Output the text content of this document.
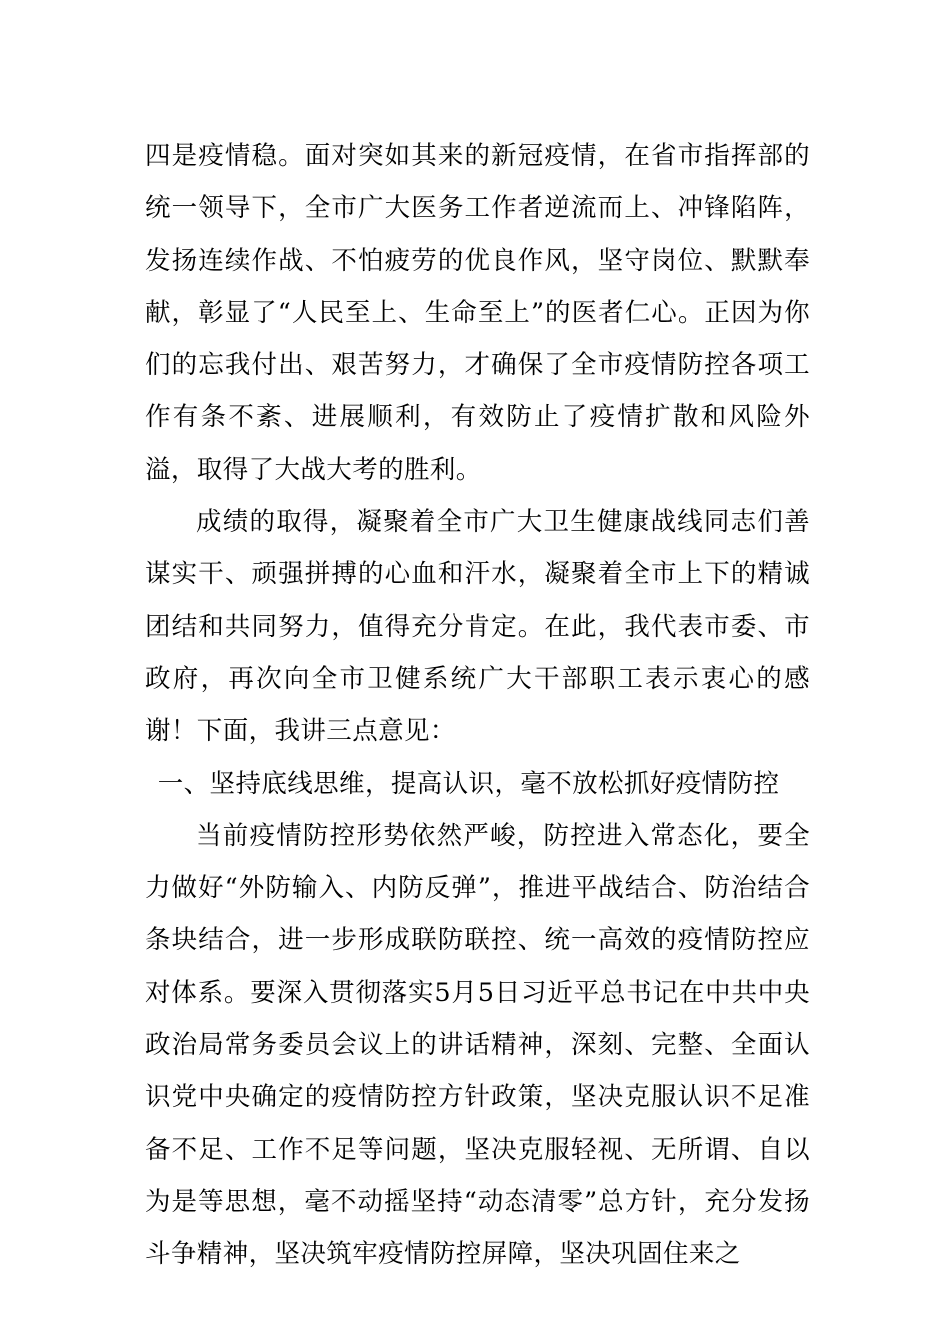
四是疫情稳。面对突如其来的新冠疫情，在省市指挥部的统一领导下，全市广大医务工作者逆流而上、冲锋陷阵，发扬连续作战、不怕疲劳的优良作风，坚守岗位、默默奉献，彰显了“人民至上、生命至上”的医者仁心。正因为你们的忘我付出、艰苦努力，才确保了全市疫情防控各项工作有条不紊、进展顺利，有效防止了疫情扩散和风险外溢，取得了大战大考的胜利。

成绩的取得，凝聚着全市广大卫生健康战线同志们善谋实干、顽强拼搏的心血和汗水，凝聚着全市上下的精诚团结和共同努力，值得充分肯定。在此，我代表市委、市政府，再次向全市卫健系统广大干部职工表示衷心的感谢！下面，我讲三点意见：

一、坚持底线思维，提高认识，毫不放松抓好疫情防控

当前疫情防控形势依然严峻，防控进入常态化，要全力做好“外防输入、内防反弹”，推进平战结合、防治结合条块结合，进一步形成联防联控、统一高效的疫情防控应对体系。要深入贯彻落实5月5日习近平总书记在中共中央政治局常务委员会议上的讲话精神，深刻、完整、全面认识党中央确定的疫情防控方针政策，坚决克服认识不足准备不足、工作不足等问题，坚决克服轻视、无所谓、自以为是等思想，毫不动摇坚持“动态清零”总方针，充分发扬斗争精神，坚决筑牢疫情防控屏障，坚决巩固住来之
